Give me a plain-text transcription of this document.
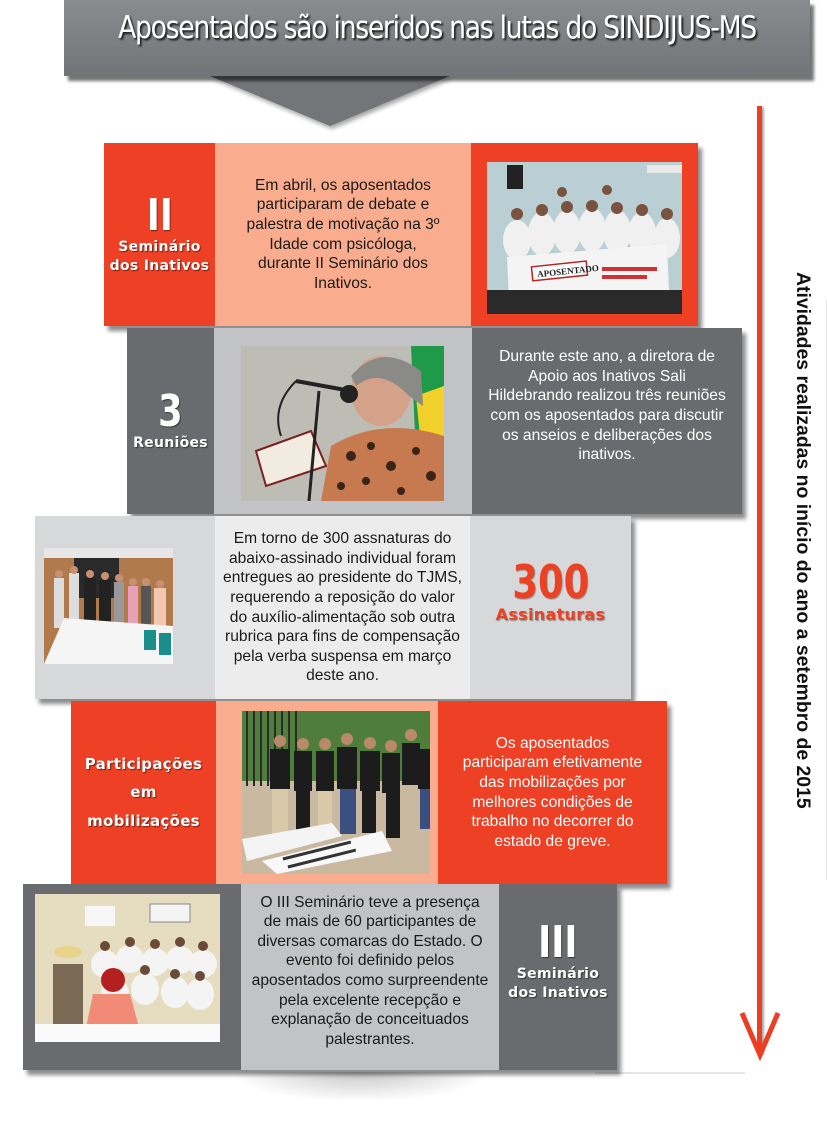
Aposentados são inseridos nas lutas do SINDIJUS-MS
Atividades realizadas no início do ano a setembro de 2015
II
Seminário
dos Inativos
Em abril, os aposentados participaram de debate e palestra de motivação na 3º Idade com psicóloga, durante II Seminário dos Inativos.
APOSENTADO
3
Reuniões
Durante este ano, a diretora de Apoio aos Inativos Sali Hildebrando realizou três reuniões com os aposentados para discutir os anseios e deliberações dos inativos.
Em torno de 300 assnaturas do abaixo-assinado individual foram entregues ao presidente do TJMS, requerendo a reposição do valor do auxílio-alimentação sob outra rubrica para fins de compensação pela verba suspensa em março deste ano.
300
Assinaturas
Participações
em
mobilizações
Os aposentados participaram efetivamente das mobilizações por melhores condições de trabalho no decorrer do estado de greve.
O III Seminário teve a presença de mais de 60 participantes de diversas comarcas do Estado. O evento foi definido pelos aposentados como surpreendente pela excelente recepção e explanação de conceituados palestrantes.
III
Seminário
dos Inativos
